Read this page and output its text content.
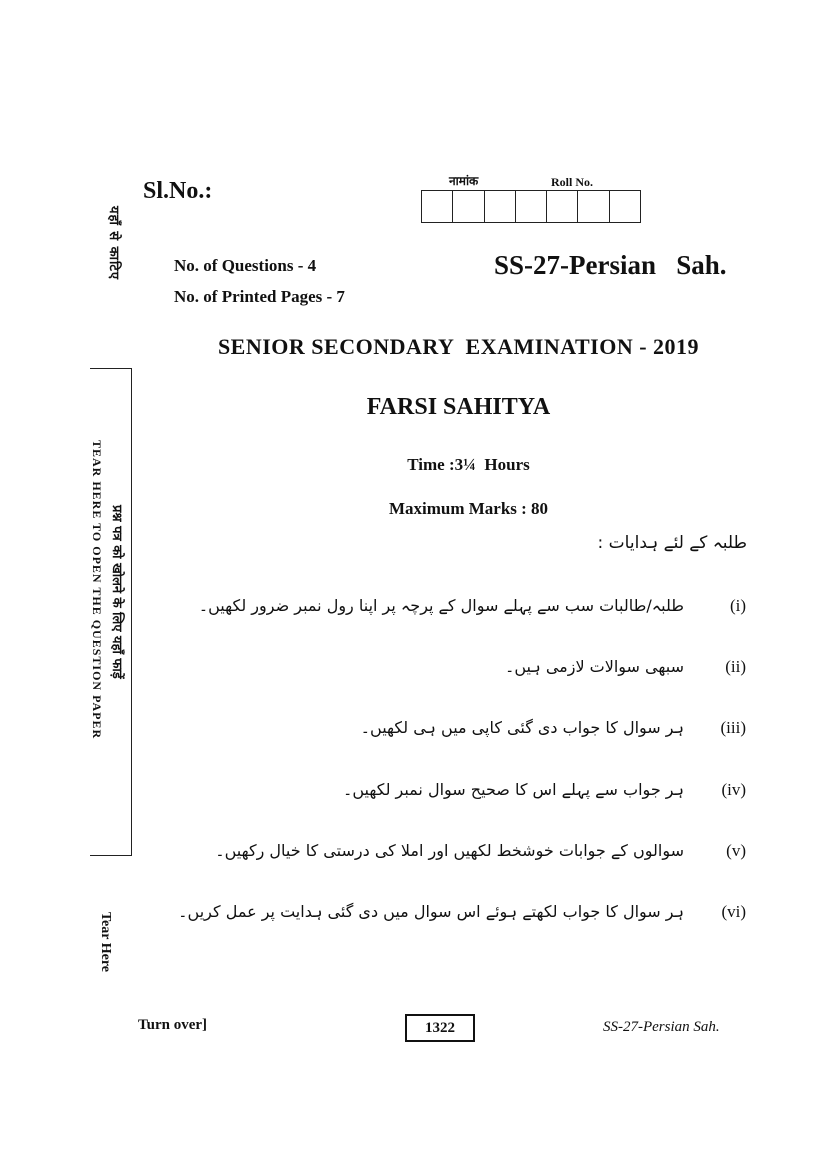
यहाँ से काटिए
Sl.No.:	नामांक	Roll No.
No. of Questions - 4
No. of Printed Pages - 7
SS-27-Persian   Sah.
SENIOR SECONDARY  EXAMINATION - 2019
FARSI SAHITYA
Time :3¼  Hours
Maximum Marks : 80
प्रश्न पत्र को खोलने के लिए यहाँ फाड़ें
TEAR HERE TO OPEN THE QUESTION PAPER
Tear Here
طلبہ کے لئے ہدایات :
(i)
طلبہ/طالبات سب سے پہلے سوال کے پرچہ پر اپنا رول نمبر ضرور لکھیں۔
(ii)
سبھی سوالات لازمی ہیں۔
(iii)
ہر سوال کا جواب دی گئی کاپی میں ہی لکھیں۔
(iv)
ہر جواب سے پہلے اس کا صحیح سوال نمبر لکھیں۔
(v)
سوالوں کے جوابات خوشخط لکھیں اور املا کی درستی کا خیال رکھیں۔
(vi)
ہر سوال کا جواب لکھتے ہوئے اس سوال میں دی گئی ہدایت پر عمل کریں۔
Turn over]	1322	SS-27-Persian Sah.
